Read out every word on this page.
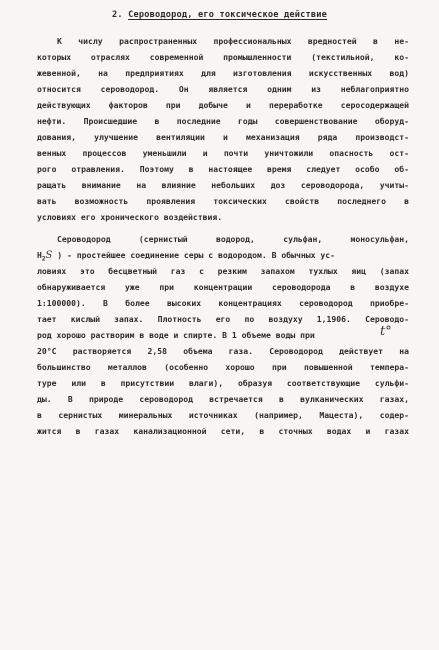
2. Сероводород, его токсическое действие
К числу распространенных профессиональных вредностей в не-
которых отраслях современной промышленности (текстильной, ко-
жевенной, на предприятиях для изготовления искусственных вод)
относится сероводород. Он является одним из неблагоприятно
действующих факторов при добыче и переработке серосодержащей
нефти. Происшедшие в последние годы совершенствование оборуд-
дования, улучшение вентиляции и механизация ряда производст-
венных процессов уменьшили и почти уничтожили опасность ост-
рого отравления. Поэтому в настоящее время следует особо об-
ращать внимание на влияние небольших доз сероводорода, учиты-
вать возможность проявления токсических свойств последнего в
условиях его хронического воздействия.
Сероводород (сернистый водород, сульфан, моносульфан,
$H_2S$ ) - простейшее соединение серы с водородом. В обычных ус-
ловиях это бесцветный газ с резким запахом тухлых яиц (запах
обнаруживается уже при концентрации сероводорода в воздухе
1:100000). В более высоких концентрациях сероводород приобре-
тает кислый запах. Плотность его по воздуху 1,1906. Сероводо-
род хорошо растворим в воде и спирте. В 1 объеме воды при	t°
20°С растворяется 2,58 объема газа. Сероводород действует на
большинство металлов (особенно хорошо при повышенной темпера-
туре или в присутствии влаги), образуя соответствующие сульфи-
ды. В природе сероводород встречается в вулканических газах,
в сернистых минеральных источниках (например, Мацеста), содер-
жится в газах канализационной сети, в сточных водах и газах
